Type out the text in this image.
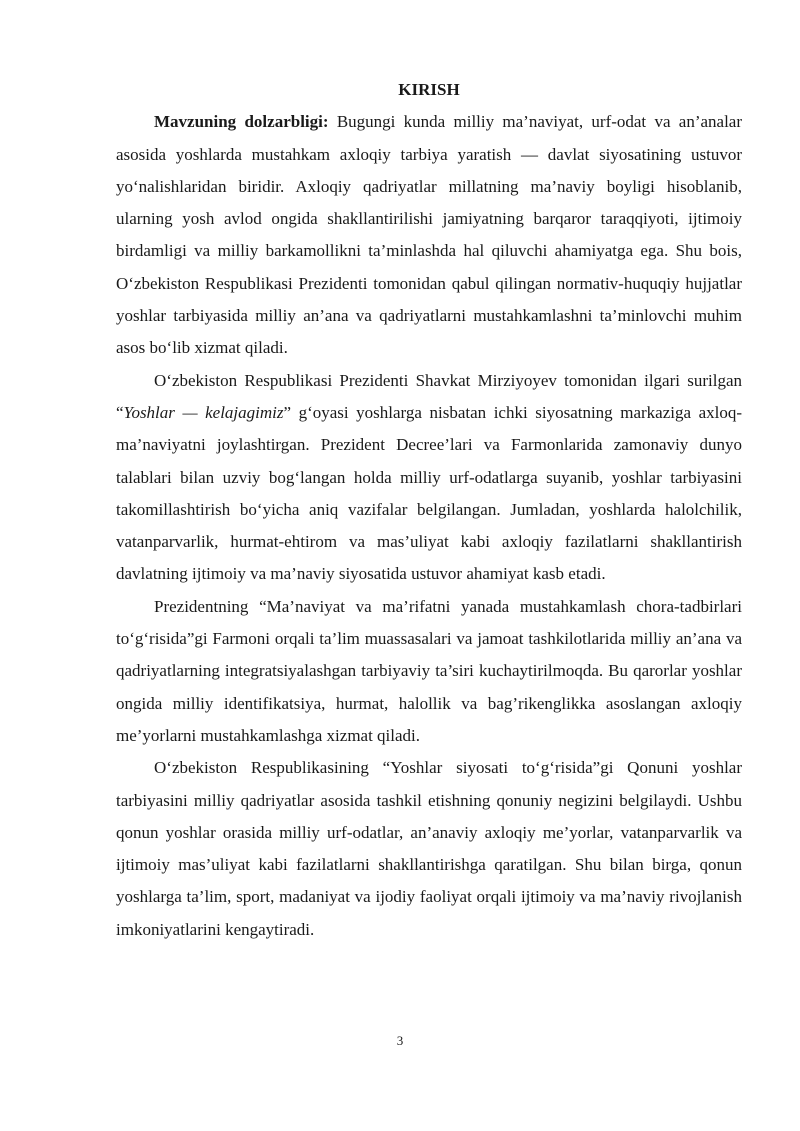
KIRISH

Mavzuning dolzarbligi: Bugungi kunda milliy ma’naviyat, urf-odat va an’analar asosida yoshlarda mustahkam axloqiy tarbiya yaratish — davlat siyosatining ustuvor yo‘nalishlaridan biridir. Axloqiy qadriyatlar millatning ma’naviy boyligi hisoblanib, ularning yosh avlod ongida shakllantirilishi jamiyatning barqaror taraqqiyoti, ijtimoiy birdamligi va milliy barkamollikni ta’minlashda hal qiluvchi ahamiyatga ega. Shu bois, O‘zbekiston Respublikasi Prezidenti tomonidan qabul qilingan normativ-huquqiy hujjatlar yoshlar tarbiyasida milliy an’ana va qadriyatlarni mustahkamlashni ta’minlovchi muhim asos bo‘lib xizmat qiladi.

O‘zbekiston Respublikasi Prezidenti Shavkat Mirziyoyev tomonidan ilgari surilgan “Yoshlar — kelajagimiz” g‘oyasi yoshlarga nisbatan ichki siyosatning markaziga axloq-ma’naviyatni joylashtirgan. Prezident Decree’lari va Farmonlarida zamonaviy dunyo talablari bilan uzviy bog‘langan holda milliy urf-odatlarga suyanib, yoshlar tarbiyasini takomillashtirish bo‘yicha aniq vazifalar belgilangan. Jumladan, yoshlarda halolchilik, vatanparvarlik, hurmat-ehtirom va mas’uliyat kabi axloqiy fazilatlarni shakllantirish davlatning ijtimoiy va ma’naviy siyosatida ustuvor ahamiyat kasb etadi.

Prezidentning “Ma’naviyat va ma’rifatni yanada mustahkamlash chora-tadbirlari to‘g‘risida”gi Farmoni orqali ta’lim muassasalari va jamoat tashkilotlarida milliy an’ana va qadriyatlarning integratsiyalashgan tarbiyaviy ta’siri kuchaytirilmoqda. Bu qarorlar yoshlar ongida milliy identifikatsiya, hurmat, halollik va bag’rikenglikka asoslangan axloqiy me’yorlarni mustahkamlashga xizmat qiladi.

O‘zbekiston Respublikasining “Yoshlar siyosati to‘g‘risida”gi Qonuni yoshlar tarbiyasini milliy qadriyatlar asosida tashkil etishning qonuniy negizini belgilaydi. Ushbu qonun yoshlar orasida milliy urf-odatlar, an’anaviy axloqiy me’yorlar, vatanparvarlik va ijtimoiy mas’uliyat kabi fazilatlarni shakllantirishga qaratilgan. Shu bilan birga, qonun yoshlarga ta’lim, sport, madaniyat va ijodiy faoliyat orqali ijtimoiy va ma’naviy rivojlanish imkoniyatlarini kengaytiradi.

3
